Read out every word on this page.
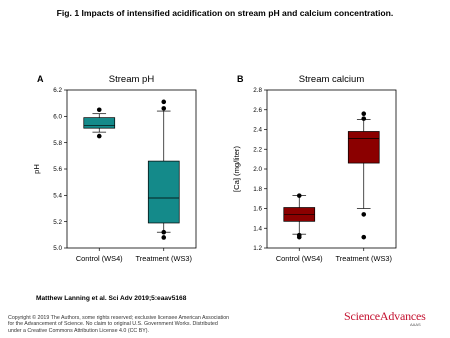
Fig. 1 Impacts of intensified acidification on stream pH and calcium concentration.
A	Stream pH
5.0
5.2
5.4
5.6
5.8
6.0
6.2
pH
Control (WS4) Treatment (WS3)
B	Stream calcium
1.2
1.4
1.6
1.8
2.0
2.2
2.4
2.6
2.8
[Ca] (mg/liter)
Control (WS4) Treatment (WS3)
Matthew Lanning et al. Sci Adv 2019;5:eaav5168
Copyright © 2019 The Authors, some rights reserved; exclusive licensee American Association
for the Advancement of Science. No claim to original U.S. Government Works. Distributed
under a Creative Commons Attribution License 4.0 (CC BY).
ScienceAdvances
AAAS
